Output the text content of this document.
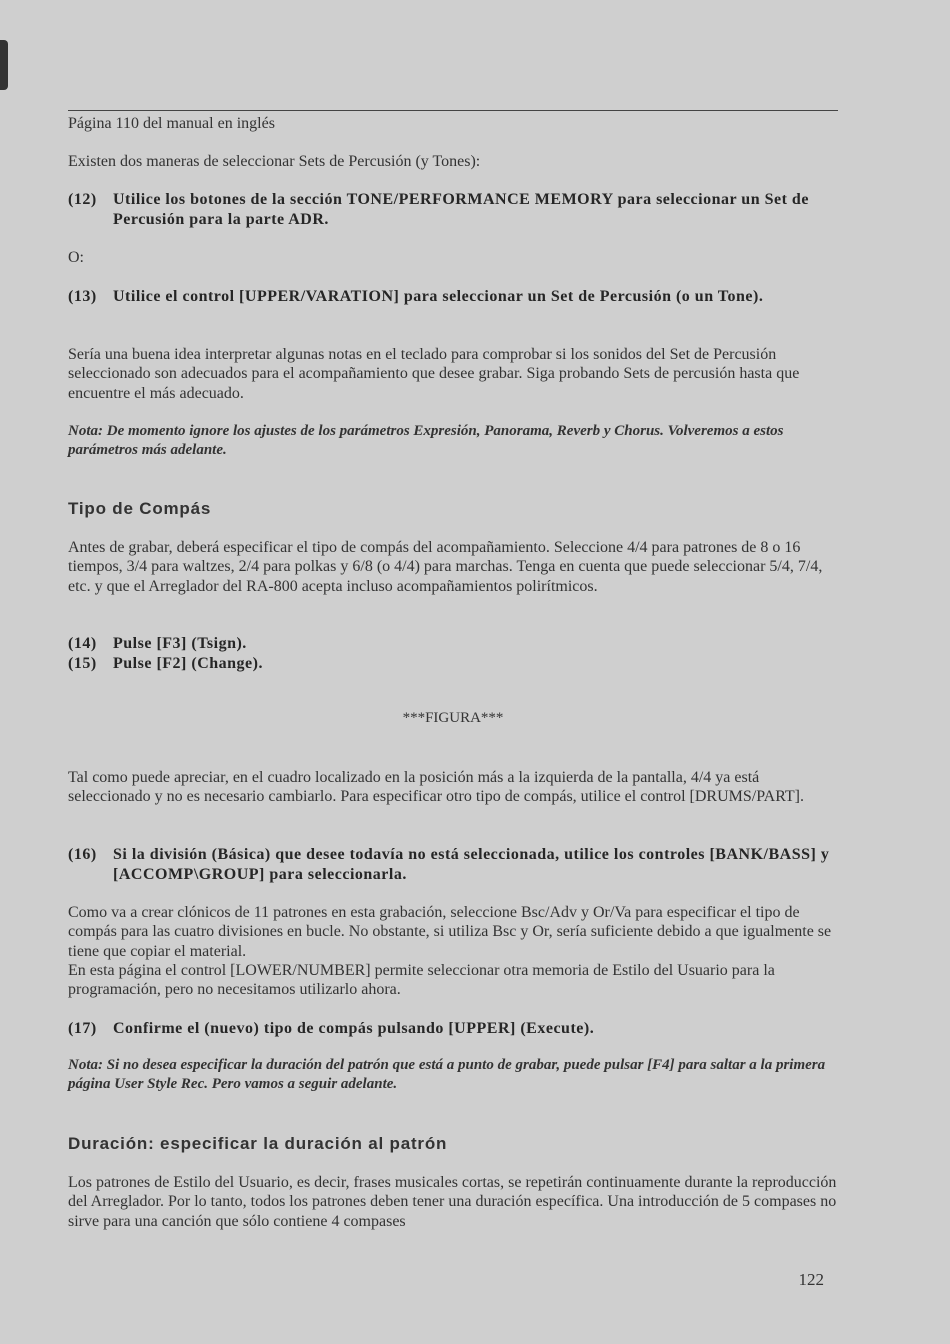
Página 110 del manual en inglés

Existen dos maneras de seleccionar Sets de Percusión (y Tones):

(12) Utilice los botones de la sección TONE/PERFORMANCE MEMORY para seleccionar un Set de Percusión para la parte ADR.

O:

(13) Utilice el control [UPPER/VARATION] para seleccionar un Set de Percusión (o un Tone).

Sería una buena idea interpretar algunas notas en el teclado para comprobar si los sonidos del Set de Percusión seleccionado son adecuados para el acompañamiento que desee grabar. Siga probando Sets de percusión hasta que encuentre el más adecuado.

Nota: De momento ignore los ajustes de los parámetros Expresión, Panorama, Reverb y Chorus. Volveremos a estos parámetros más adelante.

Tipo de Compás

Antes de grabar, deberá especificar el tipo de compás del acompañamiento. Seleccione 4/4 para patrones de 8 o 16 tiempos, 3/4 para waltzes, 2/4 para polkas y 6/8 (o 4/4) para marchas. Tenga en cuenta que puede seleccionar 5/4, 7/4, etc. y que el Arreglador del RA-800 acepta incluso acompañamientos polirítmicos.

(14) Pulse [F3] (Tsign).
(15) Pulse [F2] (Change).

***FIGURA***

Tal como puede apreciar, en el cuadro localizado en la posición más a la izquierda de la pantalla, 4/4 ya está seleccionado y no es necesario cambiarlo. Para especificar otro tipo de compás, utilice el control [DRUMS/PART].

(16) Si la división (Básica) que desee todavía no está seleccionada, utilice los controles [BANK/BASS] y [ACCOMP\GROUP] para seleccionarla.

Como va a crear clónicos de 11 patrones en esta grabación, seleccione Bsc/Adv y Or/Va para especificar el tipo de compás para las cuatro divisiones en bucle. No obstante, si utiliza Bsc y Or, sería suficiente debido a que igualmente se tiene que copiar el material.

En esta página el control [LOWER/NUMBER] permite seleccionar otra memoria de Estilo del Usuario para la programación, pero no necesitamos utilizarlo ahora.

(17) Confirme el (nuevo) tipo de compás pulsando [UPPER] (Execute).

Nota: Si no desea especificar la duración del patrón que está a punto de grabar, puede pulsar [F4] para saltar a la primera página User Style Rec. Pero vamos a seguir adelante.

Duración: especificar la duración al patrón

Los patrones de Estilo del Usuario, es decir, frases musicales cortas, se repetirán continuamente durante la reproducción del Arreglador. Por lo tanto, todos los patrones deben tener una duración específica. Una introducción de 5 compases no sirve para una canción que sólo contiene 4 compases

122
